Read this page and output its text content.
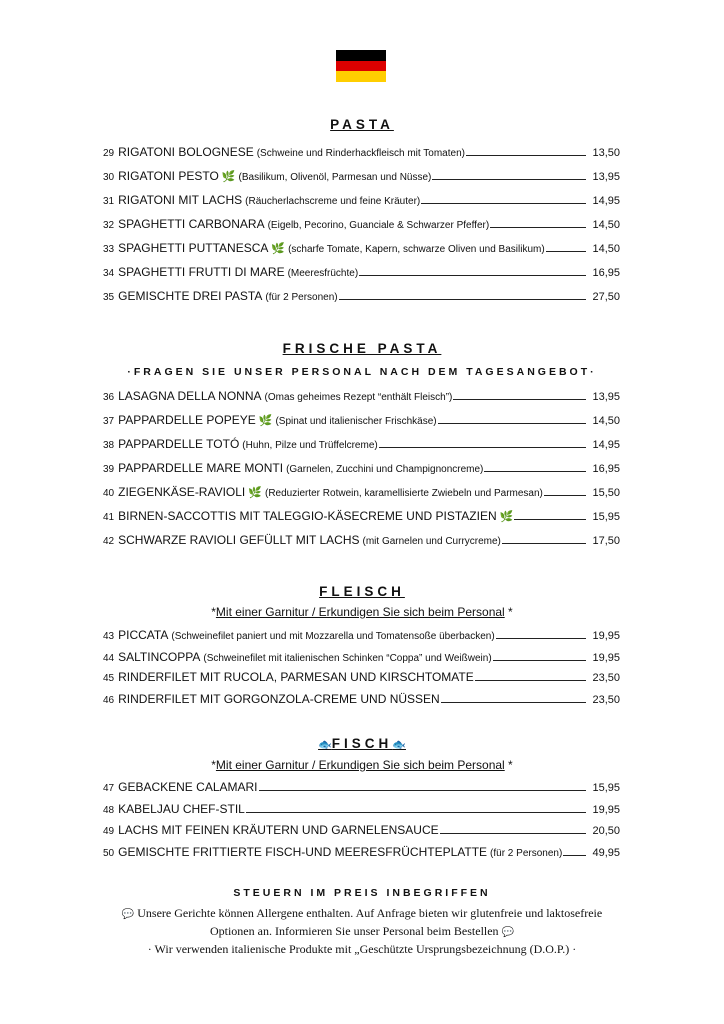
PASTA
29 RIGATONI BOLOGNESE (Schweine und Rinderhackfleisch mit Tomaten)	13,50
30 RIGATONI PESTO 🌿 (Basilikum, Olivenöl, Parmesan und Nüsse)	13,95
31 RIGATONI MIT LACHS (Räucherlachscreme und feine Kräuter)	14,95
32 SPAGHETTI CARBONARA (Eigelb, Pecorino, Guanciale & Schwarzer Pfeffer)	14,50
33 SPAGHETTI PUTTANESCA 🌿 (scharfe Tomate, Kapern, schwarze Oliven und Basilikum)	14,50
34 SPAGHETTI FRUTTI DI MARE (Meeresfrüchte)	16,95
35 GEMISCHTE DREI PASTA (für 2 Personen)	27,50
FRISCHE PASTA
·FRAGEN SIE UNSER PERSONAL NACH DEM TAGESANGEBOT·
36 LASAGNA DELLA NONNA (Omas geheimes Rezept “enthält Fleisch”)	13,95
37 PAPPARDELLE POPEYE 🌿 (Spinat und italienischer Frischkäse)	14,50
38 PAPPARDELLE TOTÓ (Huhn, Pilze und Trüffelcreme)	14,95
39 PAPPARDELLE MARE MONTI (Garnelen, Zucchini und Champignoncreme)	16,95
40 ZIEGENKÄSE-RAVIOLI 🌿 (Reduzierter Rotwein, karamellisierte Zwiebeln und Parmesan)	15,50
41 BIRNEN-SACCOTTIS MIT TALEGGIO-KÄSECREME UND PISTAZIEN 🌿	15,95
42 SCHWARZE RAVIOLI GEFÜLLT MIT LACHS (mit Garnelen und Currycreme)	17,50
FLEISCH
*Mit einer Garnitur / Erkundigen Sie sich beim Personal *
43 PICCATA (Schweinefilet paniert und mit Mozzarella und Tomatensoße überbacken)	19,95
44 SALTINCOPPA (Schweinefilet mit italienischen Schinken “Coppa” und Weißwein)	19,95
45 RINDERFILET MIT RUCOLA, PARMESAN UND KIRSCHTOMATE	23,50
46 RINDERFILET MIT GORGONZOLA-CREME UND NÜSSEN	23,50
🐟FISCH🐟
*Mit einer Garnitur / Erkundigen Sie sich beim Personal *
47 GEBACKENE CALAMARI	15,95
48 KABELJAU CHEF-STIL	19,95
49 LACHS MIT FEINEN KRÄUTERN UND GARNELENSAUCE	20,50
50 GEMISCHTE FRITTIERTE FISCH-UND MEERESFRÜCHTEPLATTE (für 2 Personen)	49,95
STEUERN IM PREIS INBEGRIFFEN
💬 Unsere Gerichte können Allergene enthalten. Auf Anfrage bieten wir glutenfreie und laktosefreie
Optionen an. Informieren Sie unser Personal beim Bestellen 💬
· Wir verwenden italienische Produkte mit „Geschützte Ursprungsbezeichnung (D.O.P.) ·
